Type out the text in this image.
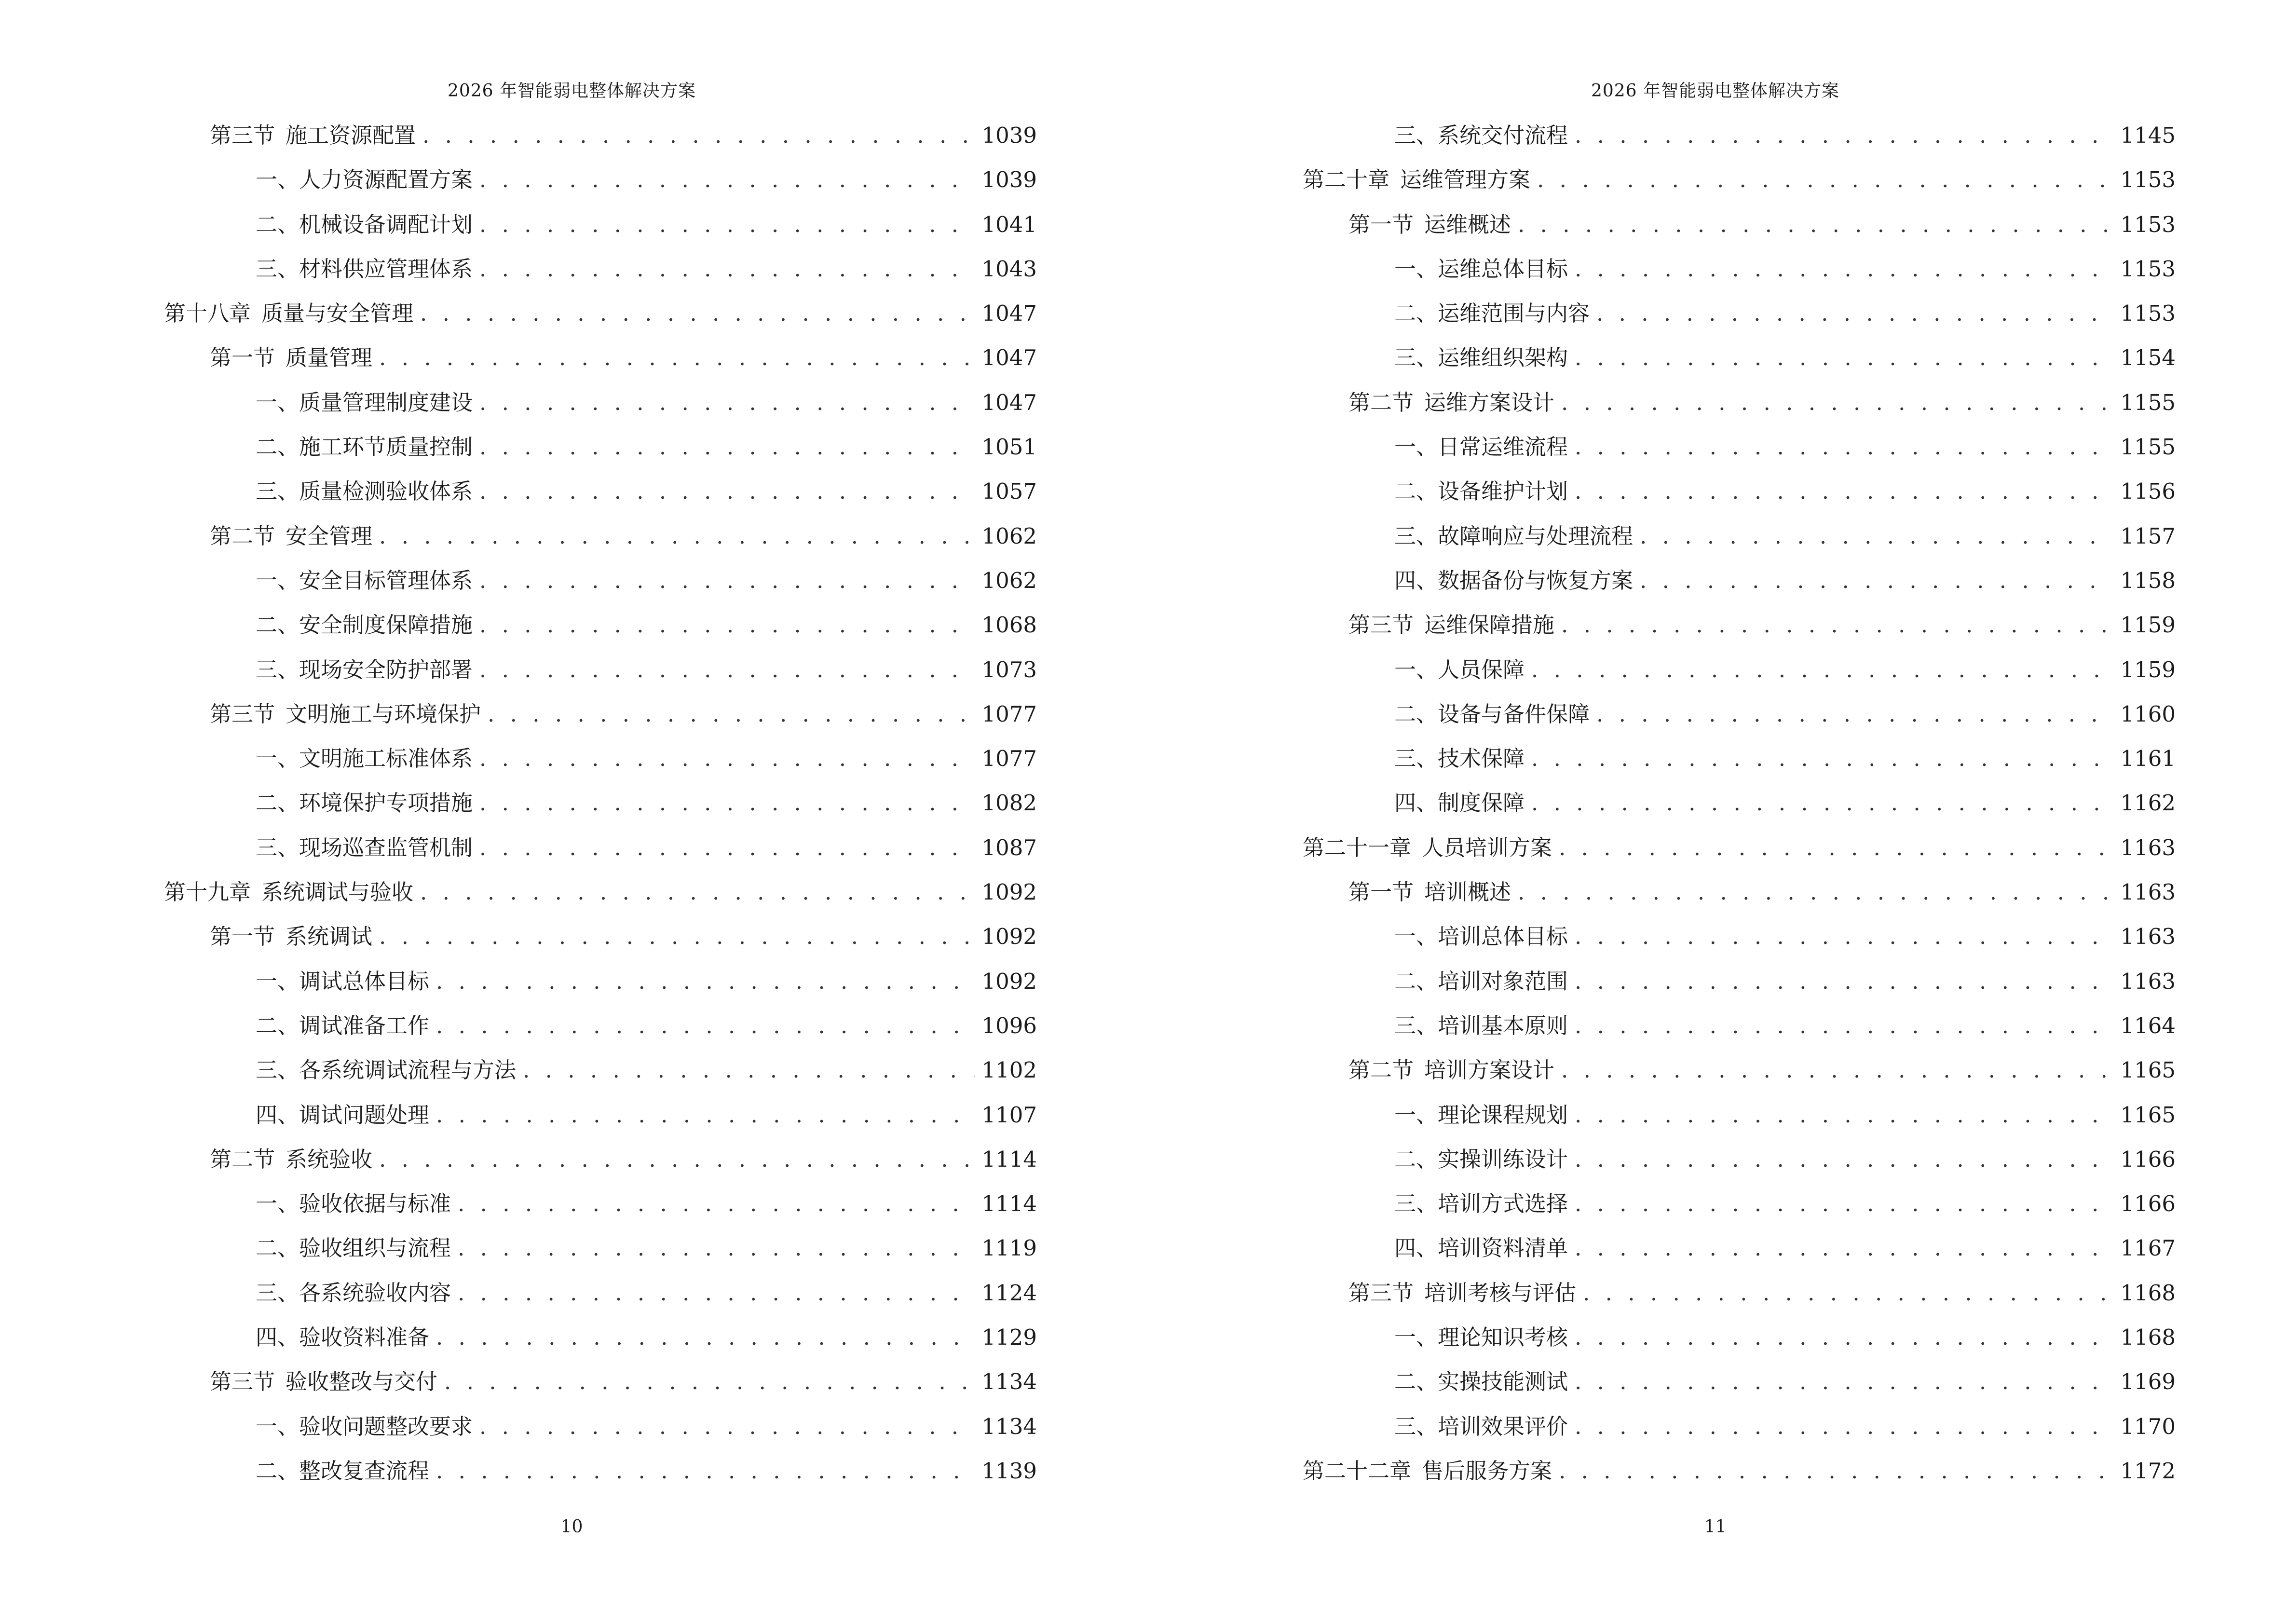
2026 年智能弱电整体解决方案
第三节 施工资源配置 . . .	1039
一、人力资源配置方案 . . .	1039
二、机械设备调配计划 . . .	1041
三、材料供应管理体系 . . .	1043
第十八章 质量与安全管理 . . .	1047
第一节 质量管理 . . .	1047
一、质量管理制度建设 . . .	1047
二、施工环节质量控制 . . .	1051
三、质量检测验收体系 . . .	1057
第二节 安全管理 . . .	1062
一、安全目标管理体系 . . .	1062
二、安全制度保障措施 . . .	1068
三、现场安全防护部署 . . .	1073
第三节 文明施工与环境保护 . . .	1077
一、文明施工标准体系 . . .	1077
二、环境保护专项措施 . . .	1082
三、现场巡查监管机制 . . .	1087
第十九章 系统调试与验收 . . .	1092
第一节 系统调试 . . .	1092
一、调试总体目标 . . .	1092
二、调试准备工作 . . .	1096
三、各系统调试流程与方法 . . .	1102
四、调试问题处理 . . .	1107
第二节 系统验收 . . .	1114
一、验收依据与标准 . . .	1114
二、验收组织与流程 . . .	1119
三、各系统验收内容 . . .	1124
四、验收资料准备 . . .	1129
第三节 验收整改与交付 . . .	1134
一、验收问题整改要求 . . .	1134
二、整改复查流程 . . .	1139
10
2026 年智能弱电整体解决方案
三、系统交付流程 . . .	1145
第二十章 运维管理方案 . . .	1153
第一节 运维概述 . . .	1153
一、运维总体目标 . . .	1153
二、运维范围与内容 . . .	1153
三、运维组织架构 . . .	1154
第二节 运维方案设计 . . .	1155
一、日常运维流程 . . .	1155
二、设备维护计划 . . .	1156
三、故障响应与处理流程 . . .	1157
四、数据备份与恢复方案 . . .	1158
第三节 运维保障措施 . . .	1159
一、人员保障 . . .	1159
二、设备与备件保障 . . .	1160
三、技术保障 . . .	1161
四、制度保障 . . .	1162
第二十一章 人员培训方案 . . .	1163
第一节 培训概述 . . .	1163
一、培训总体目标 . . .	1163
二、培训对象范围 . . .	1163
三、培训基本原则 . . .	1164
第二节 培训方案设计 . . .	1165
一、理论课程规划 . . .	1165
二、实操训练设计 . . .	1166
三、培训方式选择 . . .	1166
四、培训资料清单 . . .	1167
第三节 培训考核与评估 . . .	1168
一、理论知识考核 . . .	1168
二、实操技能测试 . . .	1169
三、培训效果评价 . . .	1170
第二十二章 售后服务方案 . . .	1172
11
